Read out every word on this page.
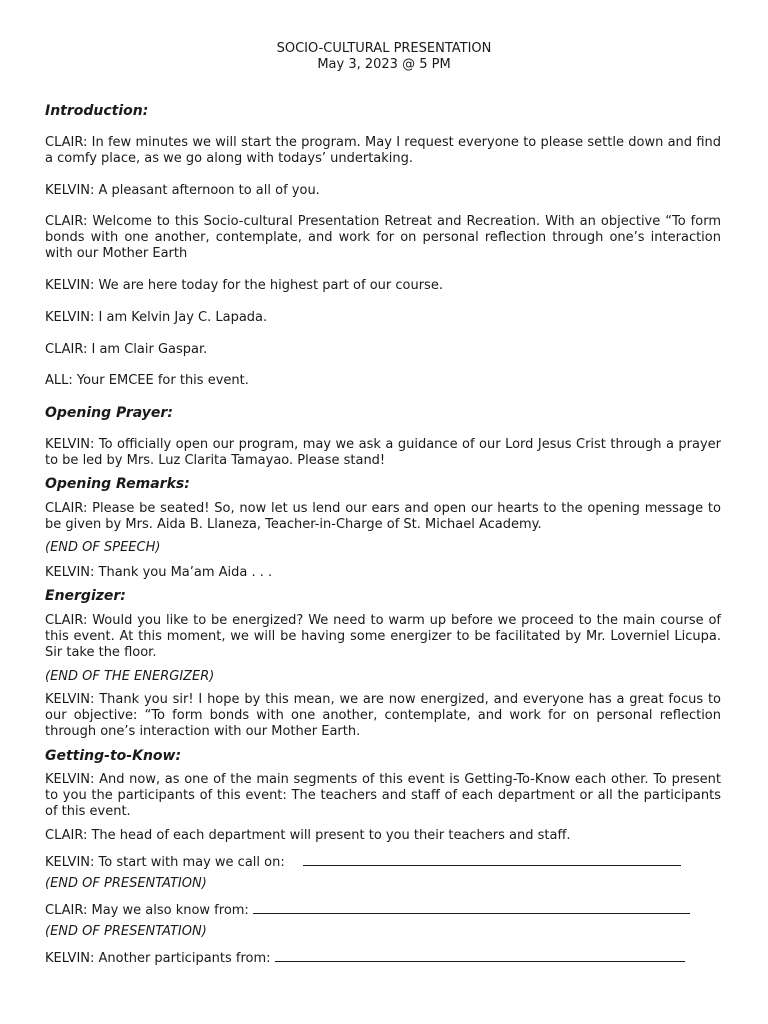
SOCIO-CULTURAL PRESENTATION
May 3, 2023 @ 5 PM
Introduction:
CLAIR: In few minutes we will start the program. May I request everyone to please settle down and find a comfy place, as we go along with todays’ undertaking.
KELVIN: A pleasant afternoon to all of you.
CLAIR: Welcome to this Socio-cultural Presentation Retreat and Recreation. With an objective “To form bonds with one another, contemplate, and work for on personal reflection through one’s interaction with our Mother Earth
KELVIN: We are here today for the highest part of our course.
KELVIN: I am Kelvin Jay C. Lapada.
CLAIR: I am Clair Gaspar.
ALL: Your EMCEE for this event.
Opening Prayer:
KELVIN: To officially open our program, may we ask a guidance of our Lord Jesus Crist through a prayer to be led by Mrs. Luz Clarita Tamayao. Please stand!
Opening Remarks:
CLAIR: Please be seated! So, now let us lend our ears and open our hearts to the opening message to be given by Mrs. Aida B. Llaneza, Teacher-in-Charge of St. Michael Academy.
(END OF SPEECH)
KELVIN: Thank you Ma’am Aida . . .
Energizer:
CLAIR: Would you like to be energized? We need to warm up before we proceed to the main course of this event. At this moment, we will be having some energizer to be facilitated by Mr. Loverniel Licupa. Sir take the floor.
(END OF THE ENERGIZER)
KELVIN: Thank you sir! I hope by this mean, we are now energized, and everyone has a great focus to our objective: “To form bonds with one another, contemplate, and work for on personal reflection through one’s interaction with our Mother Earth.
Getting-to-Know:
KELVIN: And now, as one of the main segments of this event is Getting-To-Know each other. To present to you the participants of this event: The teachers and staff of each department or all the participants of this event.
CLAIR: The head of each department will present to you their teachers and staff.
KELVIN: To start with may we call on:
(END OF PRESENTATION)
CLAIR: May we also know from:
(END OF PRESENTATION)
KELVIN: Another participants from:
